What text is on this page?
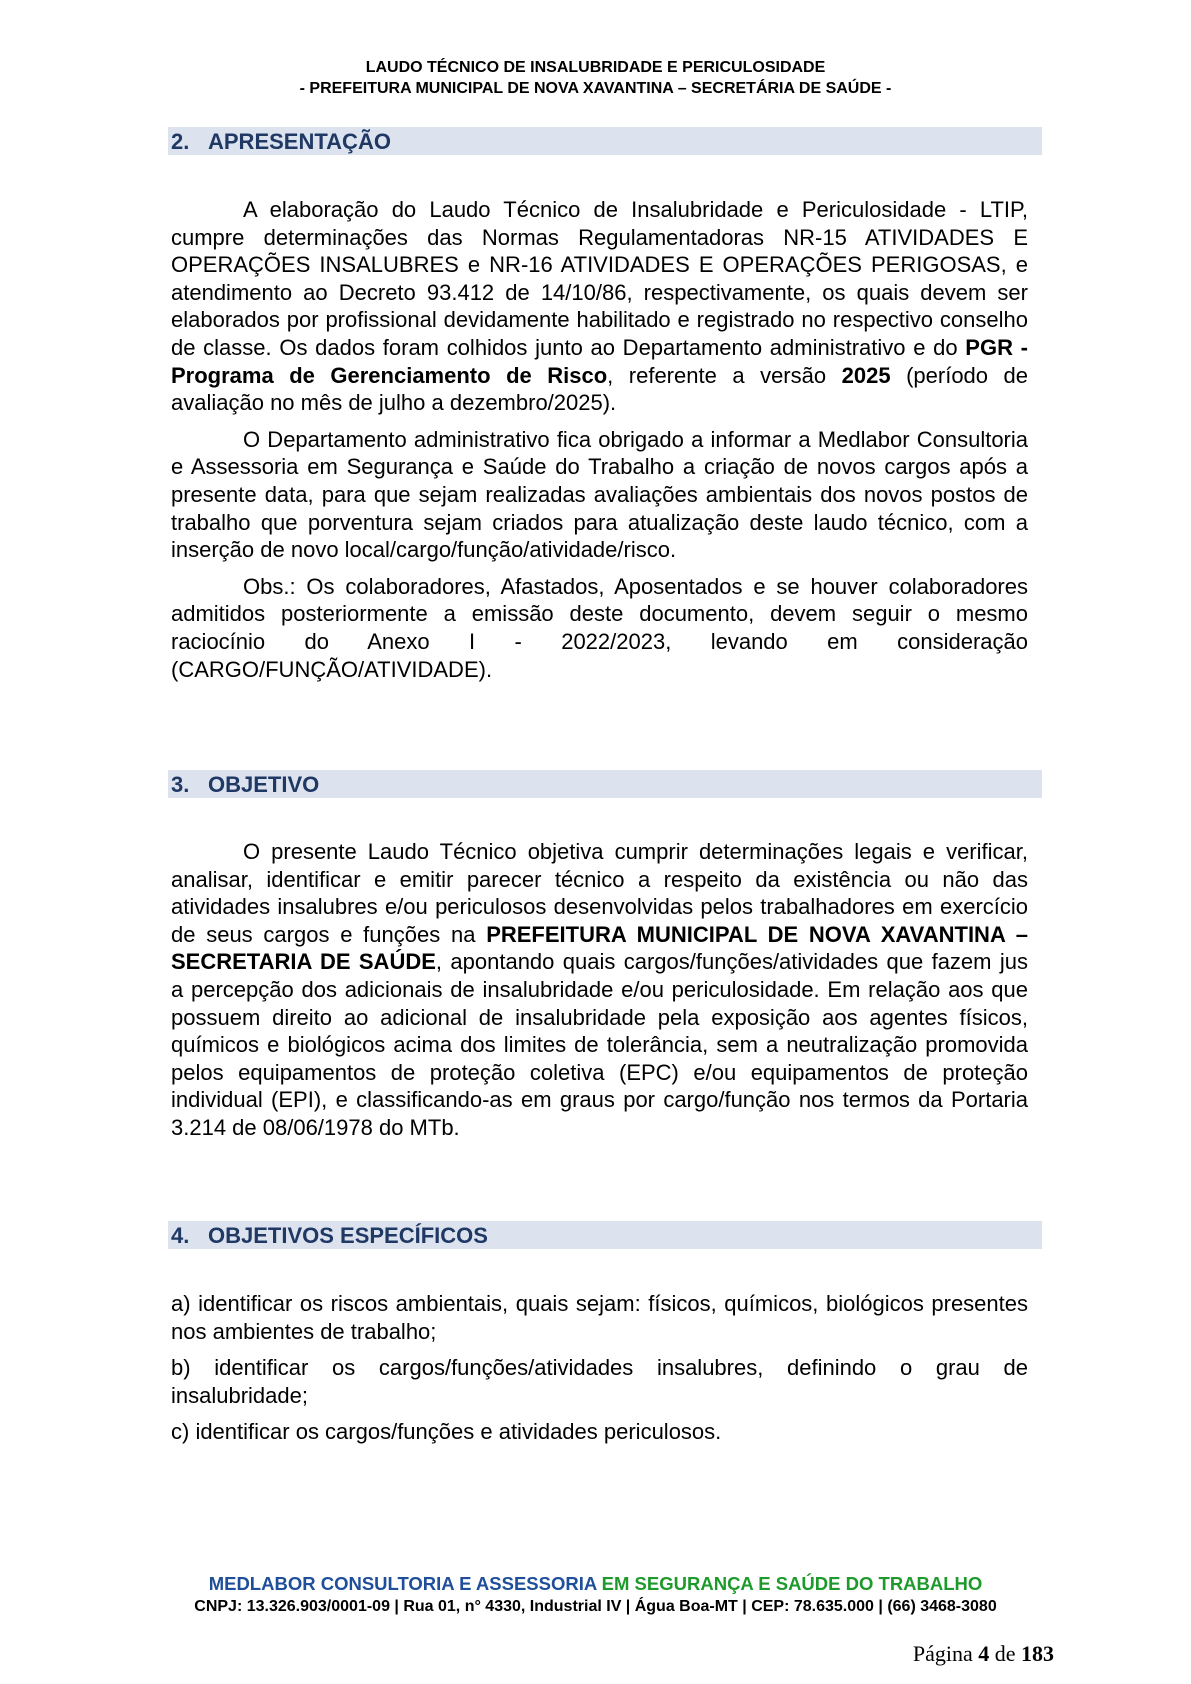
LAUDO TÉCNICO DE INSALUBRIDADE E PERICULOSIDADE
- PREFEITURA MUNICIPAL DE NOVA XAVANTINA – SECRETÁRIA DE SAÚDE -
2. APRESENTAÇÃO

A elaboração do Laudo Técnico de Insalubridade e Periculosidade - LTIP, cumpre determinações das Normas Regulamentadoras NR-15 ATIVIDADES E OPERAÇÕES INSALUBRES e NR-16 ATIVIDADES E OPERAÇÕES PERIGOSAS, e atendimento ao Decreto 93.412 de 14/10/86, respectivamente, os quais devem ser elaborados por profissional devidamente habilitado e registrado no respectivo conselho de classe. Os dados foram colhidos junto ao Departamento administrativo e do PGR - Programa de Gerenciamento de Risco, referente a versão 2025 (período de avaliação no mês de julho a dezembro/2025).

O Departamento administrativo fica obrigado a informar a Medlabor Consultoria e Assessoria em Segurança e Saúde do Trabalho a criação de novos cargos após a presente data, para que sejam realizadas avaliações ambientais dos novos postos de trabalho que porventura sejam criados para atualização deste laudo técnico, com a inserção de novo local/cargo/função/atividade/risco.

Obs.: Os colaboradores, Afastados, Aposentados e se houver colaboradores admitidos posteriormente a emissão deste documento, devem seguir o mesmo raciocínio do Anexo I - 2022/2023, levando em consideração (CARGO/FUNÇÃO/ATIVIDADE).

3. OBJETIVO

O presente Laudo Técnico objetiva cumprir determinações legais e verificar, analisar, identificar e emitir parecer técnico a respeito da existência ou não das atividades insalubres e/ou periculosos desenvolvidas pelos trabalhadores em exercício de seus cargos e funções na PREFEITURA MUNICIPAL DE NOVA XAVANTINA – SECRETARIA DE SAÚDE, apontando quais cargos/funções/atividades que fazem jus a percepção dos adicionais de insalubridade e/ou periculosidade. Em relação aos que possuem direito ao adicional de insalubridade pela exposição aos agentes físicos, químicos e biológicos acima dos limites de tolerância, sem a neutralização promovida pelos equipamentos de proteção coletiva (EPC) e/ou equipamentos de proteção individual (EPI), e classificando-as em graus por cargo/função nos termos da Portaria 3.214 de 08/06/1978 do MTb.

4. OBJETIVOS ESPECÍFICOS

a) identificar os riscos ambientais, quais sejam: físicos, químicos, biológicos presentes nos ambientes de trabalho;

b) identificar os cargos/funções/atividades insalubres, definindo o grau de insalubridade;

c) identificar os cargos/funções e atividades periculosos.

MEDLABOR CONSULTORIA E ASSESSORIA EM SEGURANÇA E SAÚDE DO TRABALHO
CNPJ: 13.326.903/0001-09 | Rua 01, n° 4330, Industrial IV | Água Boa-MT | CEP: 78.635.000 | (66) 3468-3080
Página 4 de 183
